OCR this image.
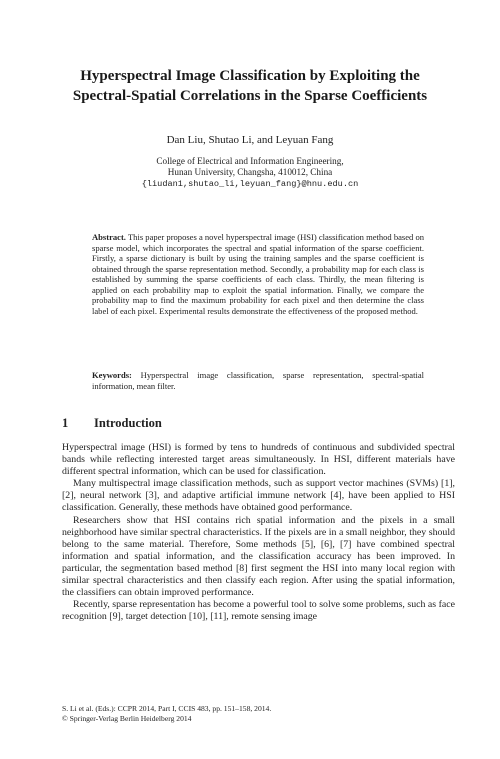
Hyperspectral Image Classification by Exploiting the
Spectral-Spatial Correlations in the Sparse Coefficients
Dan Liu, Shutao Li, and Leyuan Fang
College of Electrical and Information Engineering,
Hunan University, Changsha, 410012, China
{liudan1,shutao_li,leyuan_fang}@hnu.edu.cn
Abstract. This paper proposes a novel hyperspectral image (HSI) classification method based on sparse model, which incorporates the spectral and spatial information of the sparse coefficient. Firstly, a sparse dictionary is built by using the training samples and the sparse coefficient is obtained through the sparse representation method. Secondly, a probability map for each class is established by summing the sparse coefficients of each class. Thirdly, the mean filtering is applied on each probability map to exploit the spatial information. Finally, we compare the probability map to find the maximum probability for each pixel and then determine the class label of each pixel. Experimental results demonstrate the effectiveness of the proposed method.
Keywords: Hyperspectral image classification, sparse representation, spectral-spatial information, mean filter.
1 Introduction

Hyperspectral image (HSI) is formed by tens to hundreds of continuous and subdivided spectral bands while reflecting interested target areas simultaneously. In HSI, different materials have different spectral information, which can be used for classification.

Many multispectral image classification methods, such as support vector machines (SVMs) [1], [2], neural network [3], and adaptive artificial immune network [4], have been applied to HSI classification. Generally, these methods have obtained good performance.

Researchers show that HSI contains rich spatial information and the pixels in a small neighborhood have similar spectral characteristics. If the pixels are in a small neighbor, they should belong to the same material. Therefore, Some methods [5], [6], [7] have combined spectral information and spatial information, and the classification accuracy has been improved. In particular, the segmentation based method [8] first segment the HSI into many local region with similar spectral characteristics and then classify each region. After using the spatial information, the classifiers can obtain improved performance.

Recently, sparse representation has become a powerful tool to solve some problems, such as face recognition [9], target detection [10], [11], remote sensing image

S. Li et al. (Eds.): CCPR 2014, Part I, CCIS 483, pp. 151–158, 2014.
© Springer-Verlag Berlin Heidelberg 2014
